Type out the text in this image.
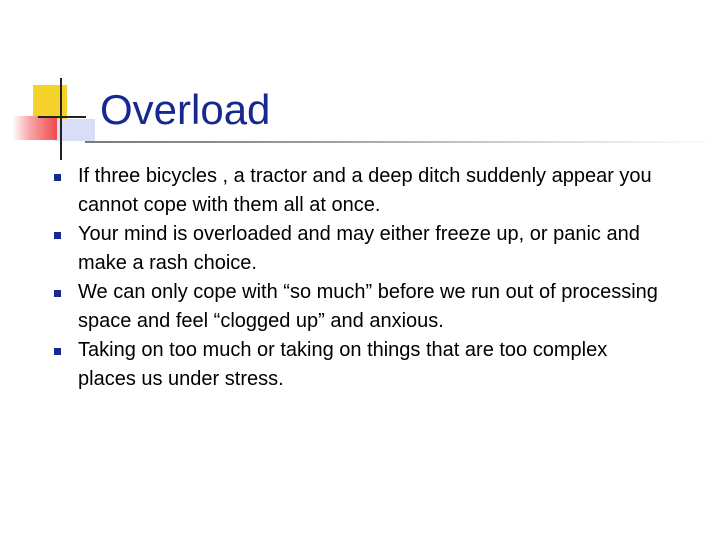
Overload
If three bicycles , a tractor and a deep ditch suddenly appear you cannot cope with them all at once.
Your mind is overloaded and may either freeze up, or panic and make a rash choice.
We can only cope with “so much” before we run out of processing space and feel “clogged up” and anxious.
Taking on too much or taking on things that are too complex places us under stress.
